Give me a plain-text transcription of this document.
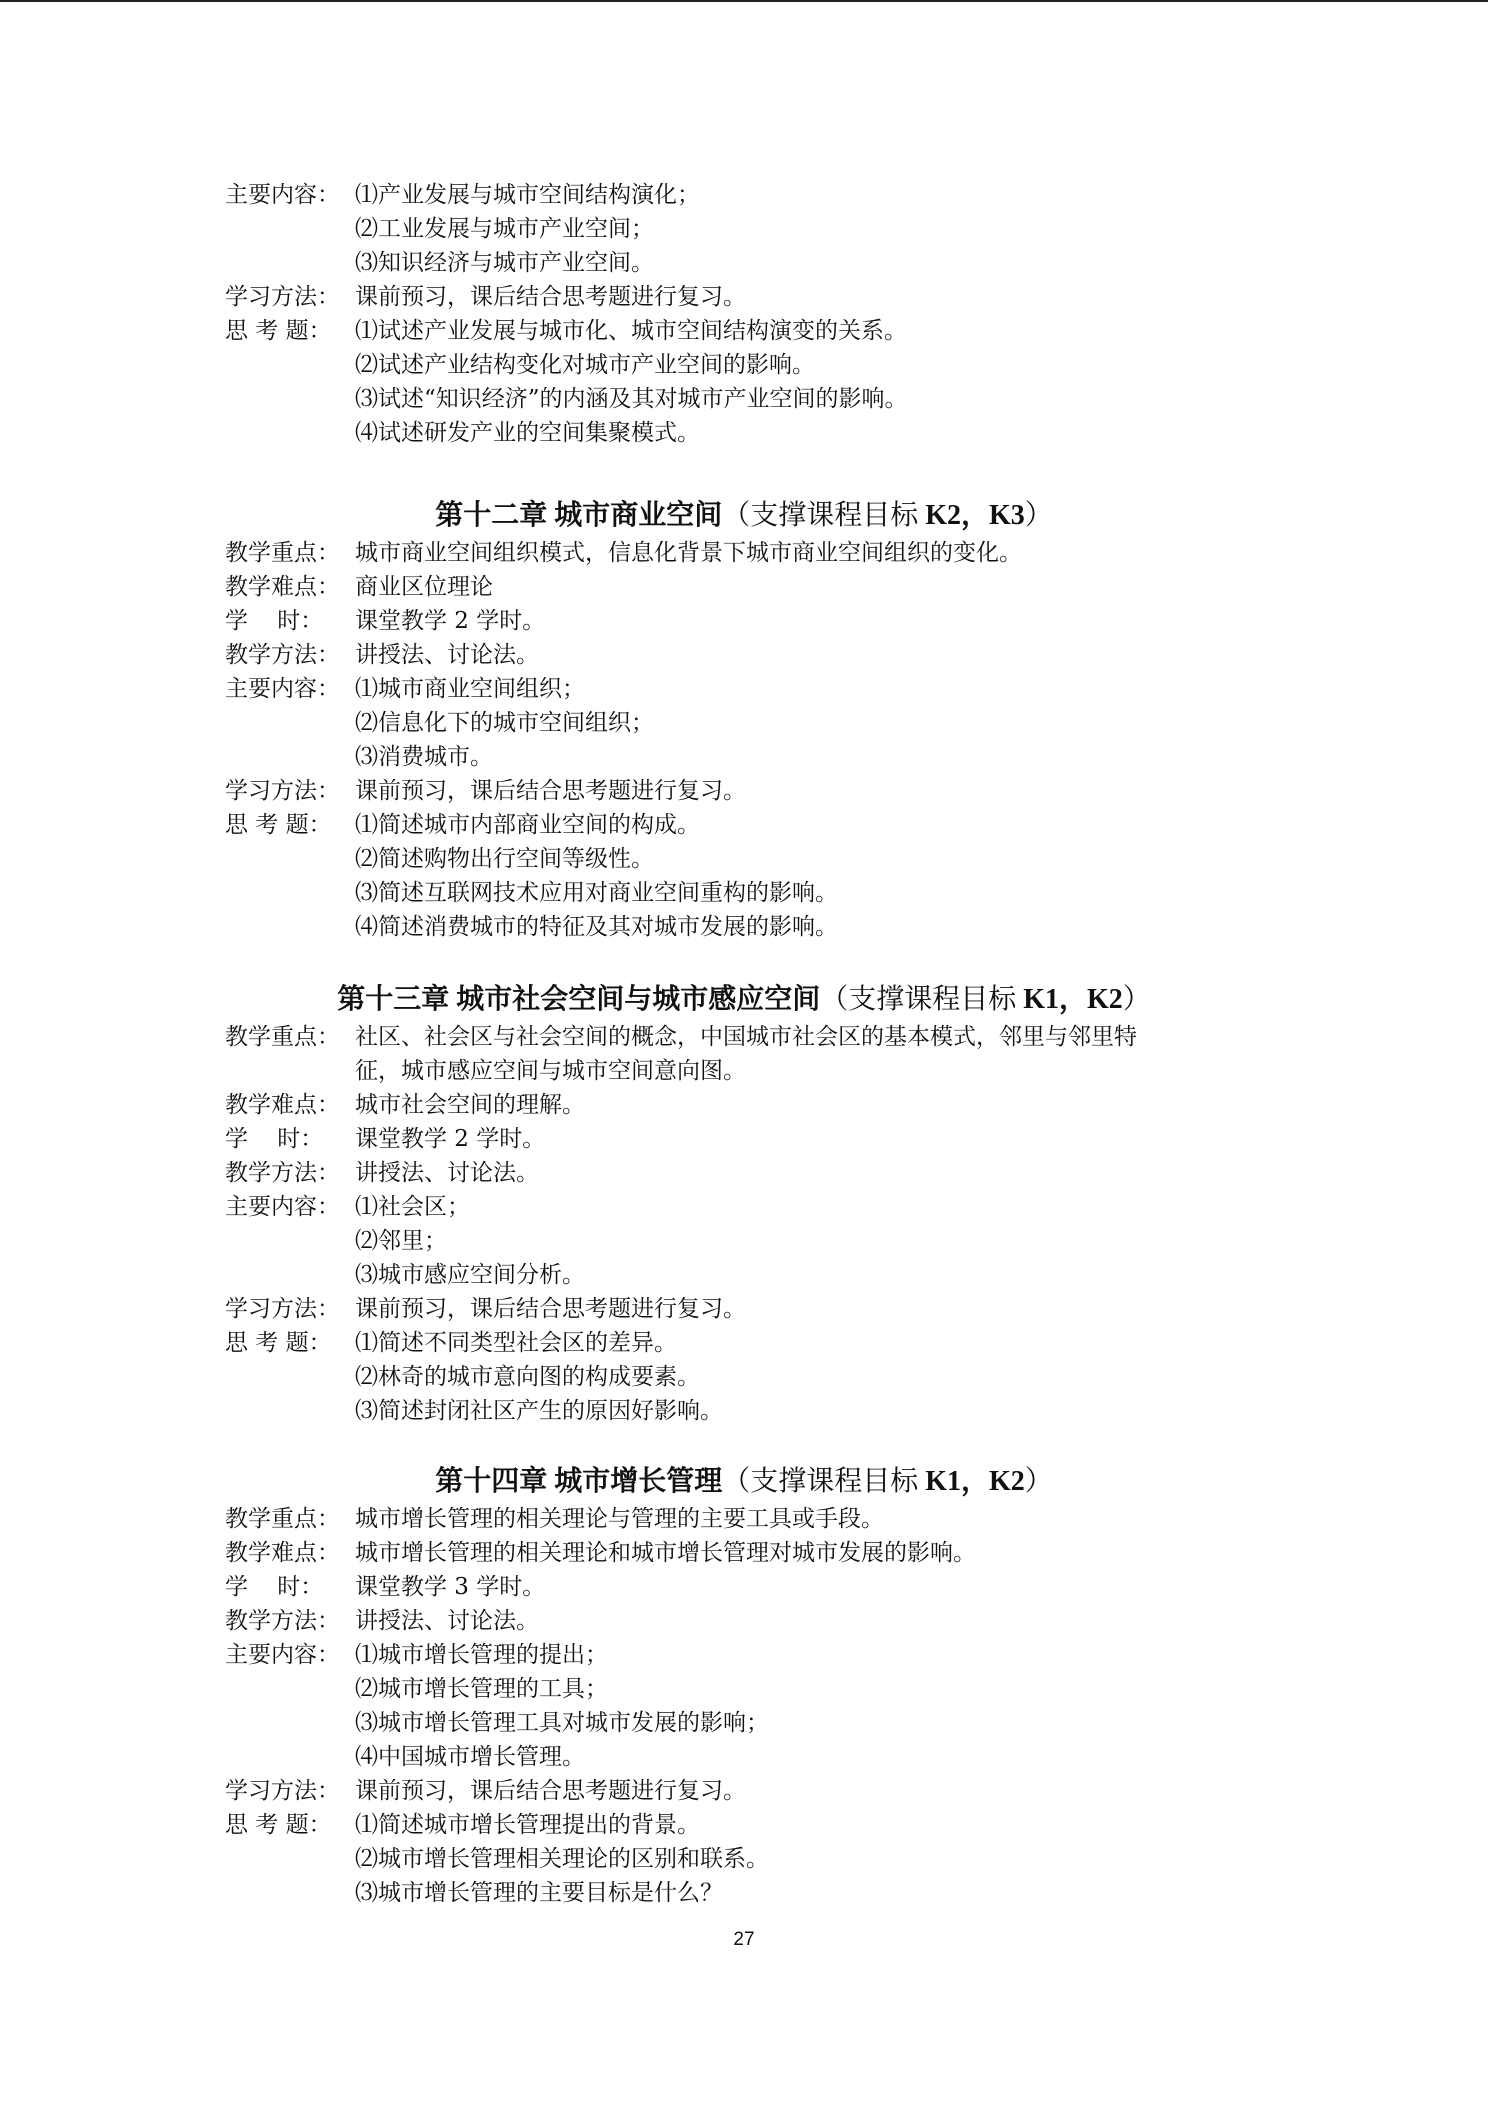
主要内容： ⑴产业发展与城市空间结构演化；
⑵工业发展与城市产业空间；
⑶知识经济与城市产业空间。
学习方法： 课前预习，课后结合思考题进行复习。
思 考 题： ⑴试述产业发展与城市化、城市空间结构演变的关系。
⑵试述产业结构变化对城市产业空间的影响。
⑶试述“知识经济”的内涵及其对城市产业空间的影响。
⑷试述研发产业的空间集聚模式。
第十二章 城市商业空间（支撑课程目标 K2，K3）
教学重点： 城市商业空间组织模式，信息化背景下城市商业空间组织的变化。
教学难点： 商业区位理论
学    时： 课堂教学 2 学时。
教学方法： 讲授法、讨论法。
主要内容： ⑴城市商业空间组织；
⑵信息化下的城市空间组织；
⑶消费城市。
学习方法： 课前预习，课后结合思考题进行复习。
思 考 题： ⑴简述城市内部商业空间的构成。
⑵简述购物出行空间等级性。
⑶简述互联网技术应用对商业空间重构的影响。
⑷简述消费城市的特征及其对城市发展的影响。
第十三章 城市社会空间与城市感应空间（支撑课程目标 K1，K2）
教学重点： 社区、社会区与社会空间的概念，中国城市社会区的基本模式，邻里与邻里特
征，城市感应空间与城市空间意向图。
教学难点： 城市社会空间的理解。
学    时： 课堂教学 2 学时。
教学方法： 讲授法、讨论法。
主要内容： ⑴社会区；
⑵邻里；
⑶城市感应空间分析。
学习方法： 课前预习，课后结合思考题进行复习。
思 考 题： ⑴简述不同类型社会区的差异。
⑵林奇的城市意向图的构成要素。
⑶简述封闭社区产生的原因好影响。
第十四章 城市增长管理（支撑课程目标 K1，K2）
教学重点： 城市增长管理的相关理论与管理的主要工具或手段。
教学难点： 城市增长管理的相关理论和城市增长管理对城市发展的影响。
学    时： 课堂教学 3 学时。
教学方法： 讲授法、讨论法。
主要内容： ⑴城市增长管理的提出；
⑵城市增长管理的工具；
⑶城市增长管理工具对城市发展的影响；
⑷中国城市增长管理。
学习方法： 课前预习，课后结合思考题进行复习。
思 考 题： ⑴简述城市增长管理提出的背景。
⑵城市增长管理相关理论的区别和联系。
⑶城市增长管理的主要目标是什么？
27
